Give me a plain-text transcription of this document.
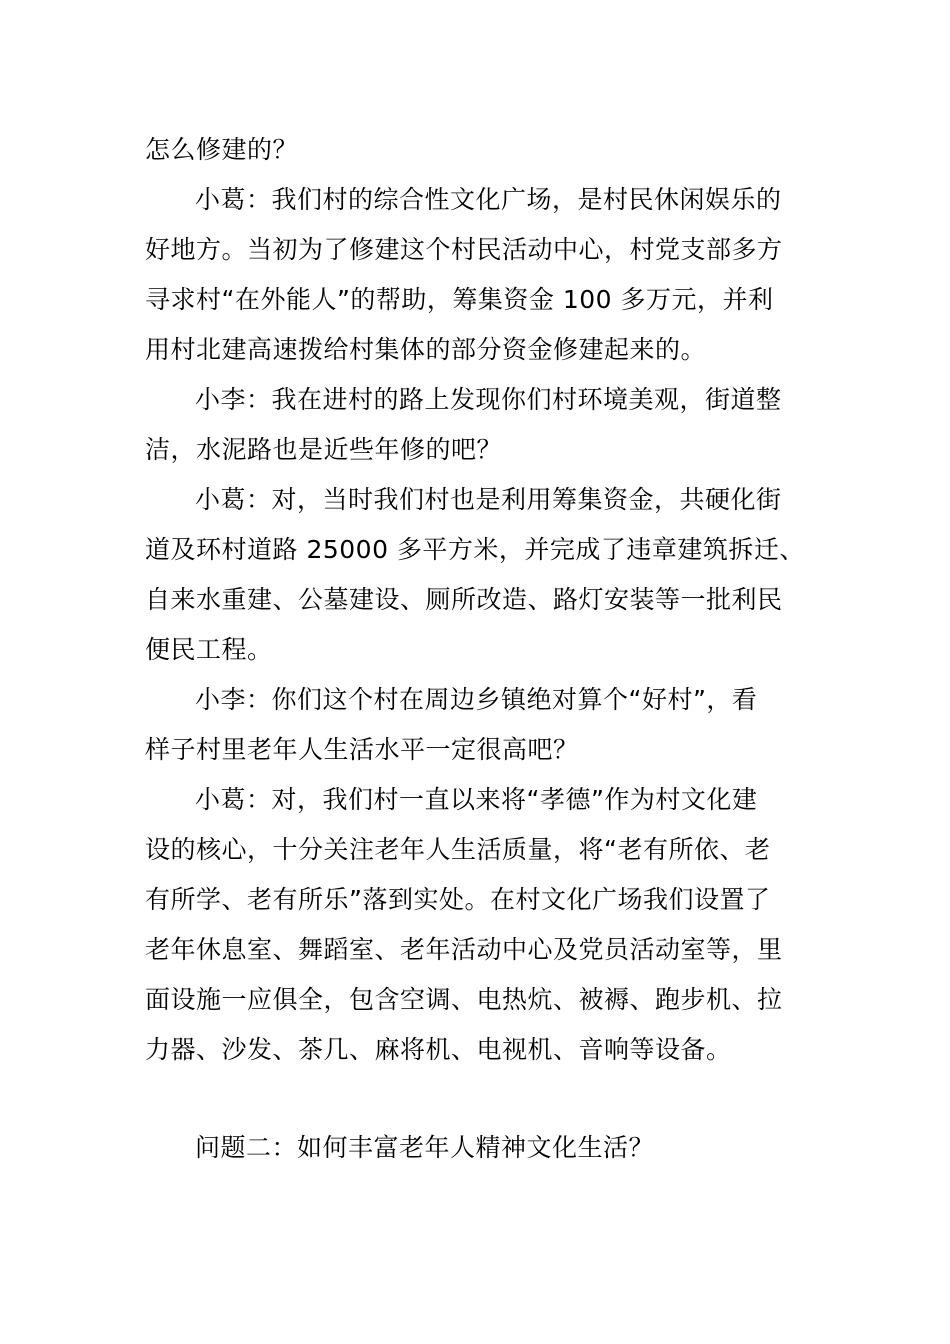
怎么修建的？
小葛：我们村的综合性文化广场，是村民休闲娱乐的
好地方。当初为了修建这个村民活动中心，村党支部多方
寻求村“在外能人”的帮助，筹集资金 100 多万元，并利
用村北建高速拨给村集体的部分资金修建起来的。
小李：我在进村的路上发现你们村环境美观，街道整
洁，水泥路也是近些年修的吧？
小葛：对，当时我们村也是利用筹集资金，共硬化街
道及环村道路 25000 多平方米，并完成了违章建筑拆迁、
自来水重建、公墓建设、厕所改造、路灯安装等一批利民
便民工程。
小李：你们这个村在周边乡镇绝对算个“好村”，看
样子村里老年人生活水平一定很高吧？
小葛：对，我们村一直以来将“孝德”作为村文化建
设的核心，十分关注老年人生活质量，将“老有所依、老
有所学、老有所乐”落到实处。在村文化广场我们设置了
老年休息室、舞蹈室、老年活动中心及党员活动室等，里
面设施一应俱全，包含空调、电热炕、被褥、跑步机、拉
力器、沙发、茶几、麻将机、电视机、音响等设备。
问题二：如何丰富老年人精神文化生活？
